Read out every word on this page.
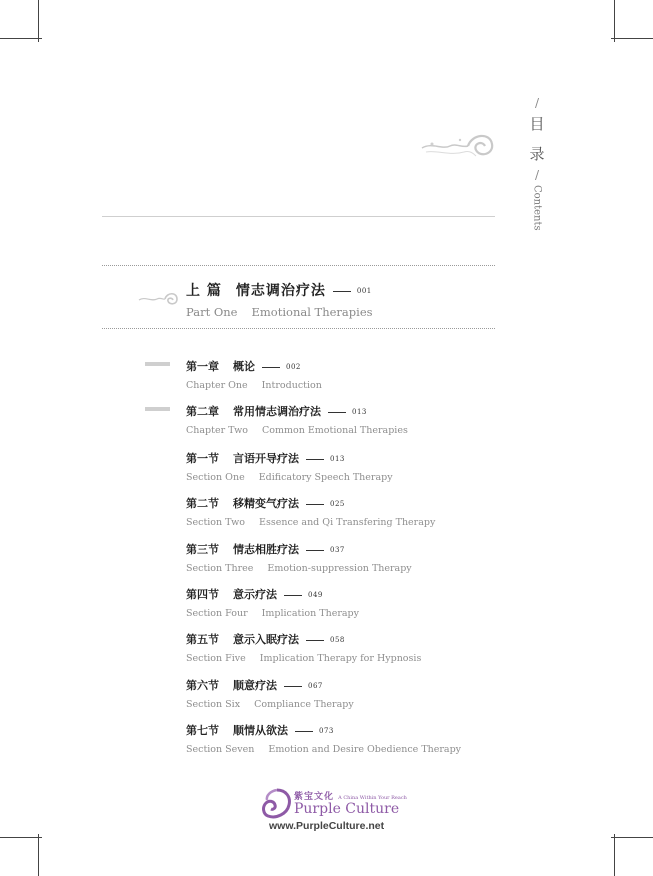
/
目
录
/
Contents
上 篇 情志调治疗法	001
Part One Emotional Therapies
第一章 概论	002
Chapter One Introduction
第二章 常用情志调治疗法	013
Chapter Two Common Emotional Therapies
第一节 言语开导疗法	013
Section One Edificatory Speech Therapy
第二节 移精变气疗法	025
Section Two Essence and Qi Transfering Therapy
第三节 情志相胜疗法	037
Section Three Emotion-suppression Therapy
第四节 意示疗法	049
Section Four Implication Therapy
第五节 意示入眠疗法	058
Section Five Implication Therapy for Hypnosis
第六节 顺意疗法	067
Section Six Compliance Therapy
第七节 顺情从欲法	073
Section Seven Emotion and Desire Obedience Therapy
紫宝文化 A China Within Your Reach
Purple Culture
www.PurpleCulture.net
